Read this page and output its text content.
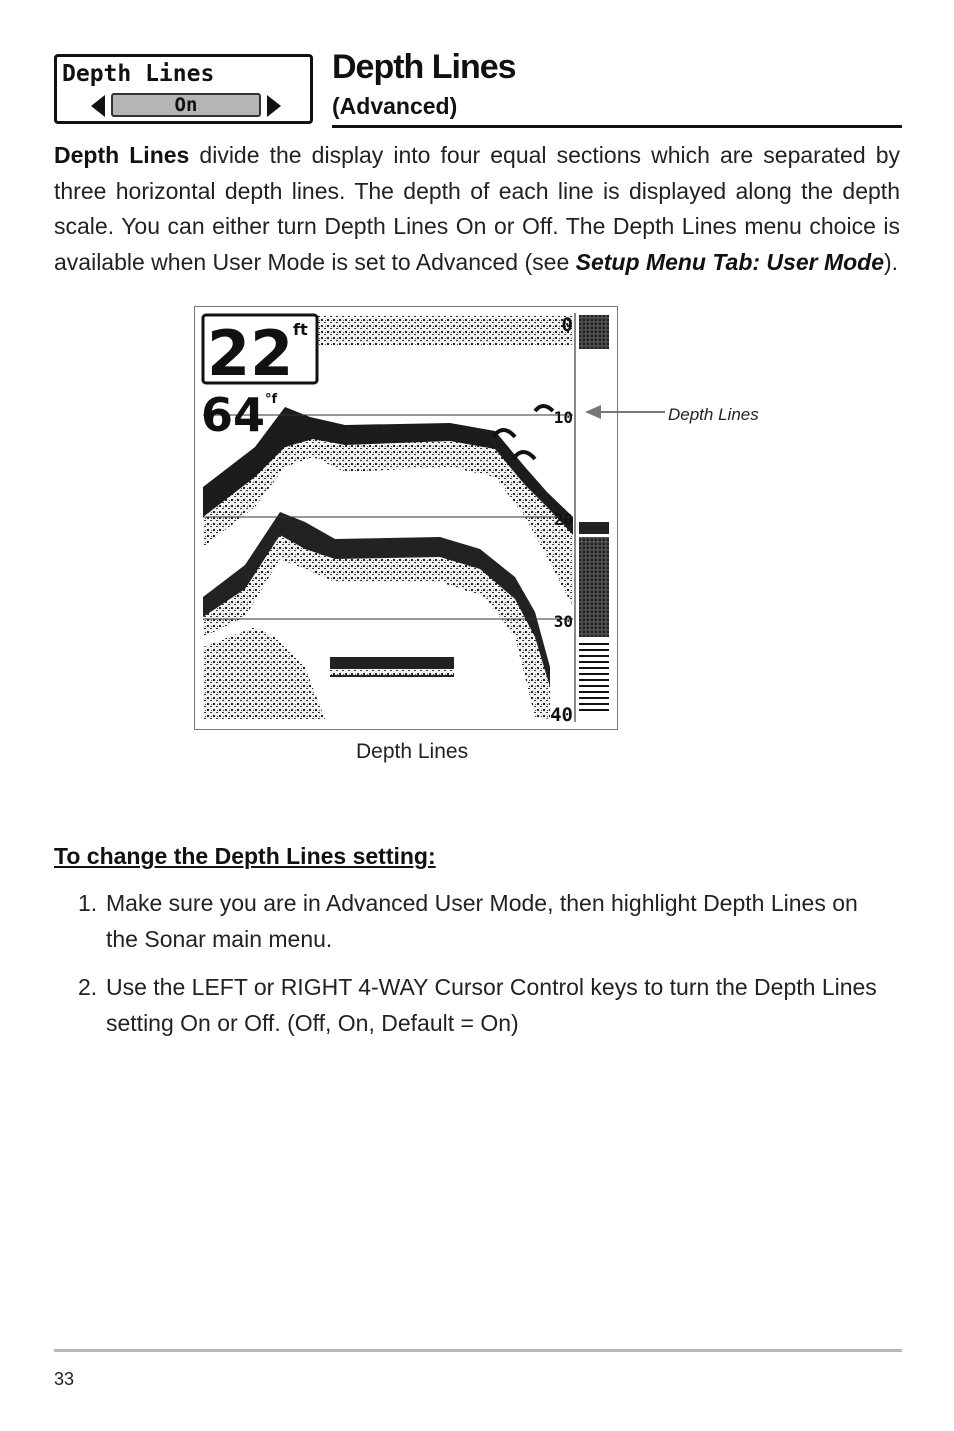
Depth Lines
On
Depth Lines
(Advanced)
Depth Lines divide the display into four equal sections which are separated by three horizontal depth lines. The depth of each line is displayed along the depth scale. You can either turn Depth Lines On or Off. The Depth Lines menu choice is available when User Mode is set to Advanced (see Setup Menu Tab: User Mode).
22 ft
64 °f
0
10
20
30
40
Depth Lines
Depth Lines
To change the Depth Lines setting:
1. Make sure you are in Advanced User Mode, then highlight Depth Lines on the Sonar main menu.
2. Use the LEFT or RIGHT 4-WAY Cursor Control keys to turn the Depth Lines setting On or Off. (Off, On, Default = On)
33
